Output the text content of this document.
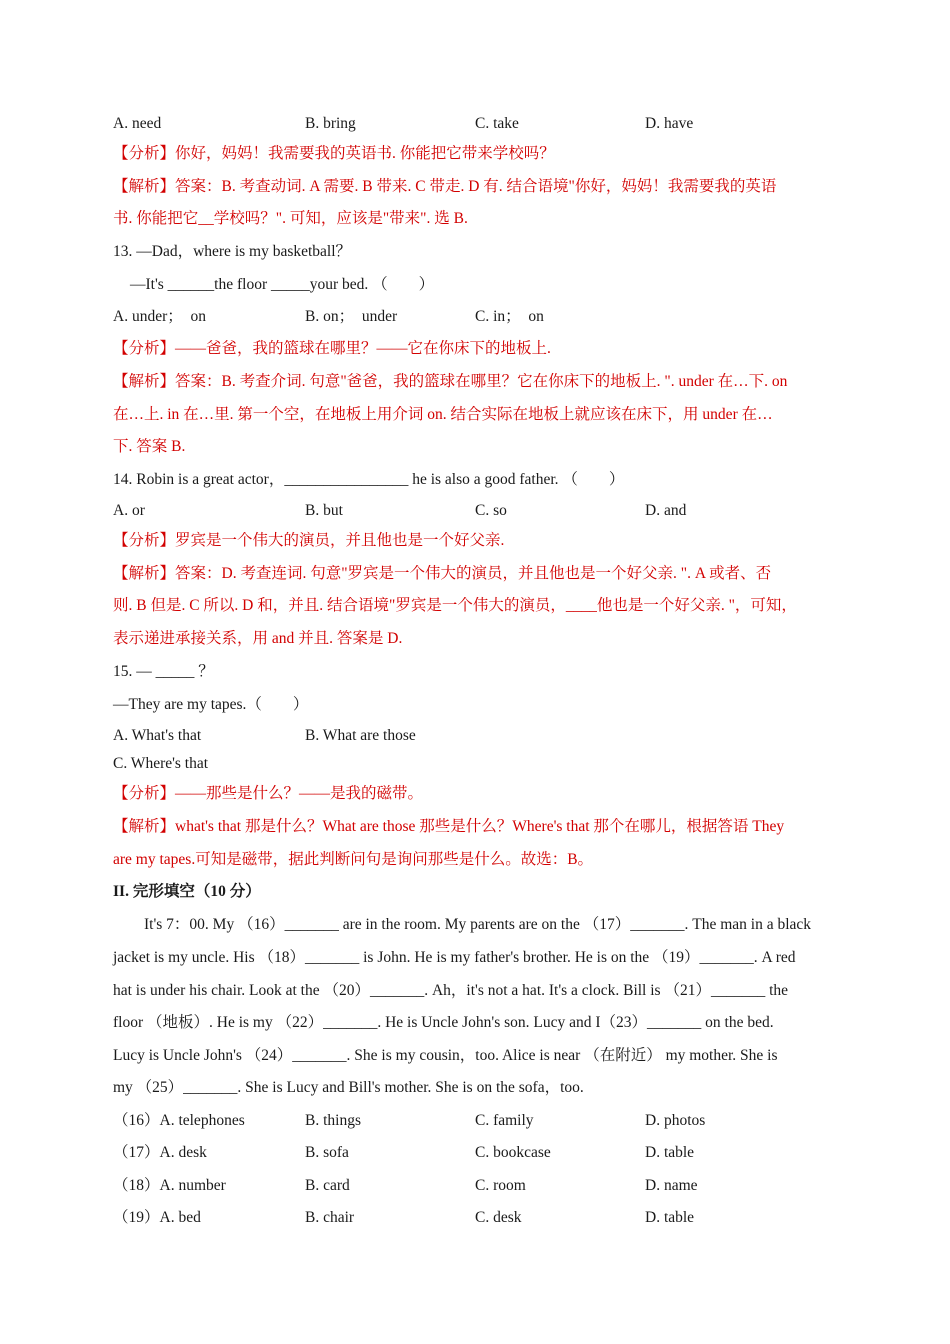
A. need	B. bring	C. take	D. have
【分析】你好，妈妈！我需要我的英语书. 你能把它带来学校吗？
【解析】答案：B. 考查动词. A 需要. B 带来. C 带走. D 有. 结合语境"你好，妈妈！我需要我的英语
书. 你能把它__学校吗？". 可知，应该是"带来". 选 B.
13. —Dad，where is my basketball？
—It's ______the floor _____your bed. （　　）
A. under；　on	B. on；　under	C. in；　on
【分析】——爸爸，我的篮球在哪里？——它在你床下的地板上.
【解析】答案：B. 考查介词. 句意"爸爸，我的篮球在哪里？它在你床下的地板上. ". under 在…下. on
在…上. in 在…里. 第一个空，在地板上用介词 on. 结合实际在地板上就应该在床下，用 under 在…
下. 答案 B.
14. Robin is a great actor，________________ he is also a good father. （　　）
A. or	B. but	C. so	D. and
【分析】罗宾是一个伟大的演员，并且他也是一个好父亲.
【解析】答案：D. 考查连词. 句意"罗宾是一个伟大的演员，并且他也是一个好父亲. ". A 或者、否
则. B 但是. C 所以. D 和，并且. 结合语境"罗宾是一个伟大的演员，____他也是一个好父亲. "，可知，
表示递进承接关系，用 and 并且. 答案是 D.
15. — _____ ？
—They are my tapes.（　　）
A. What's that	B. What are those
C. Where's that
【分析】——那些是什么？——是我的磁带。
【解析】what's that 那是什么？What are those 那些是什么？Where's that 那个在哪儿，根据答语 They
are my tapes.可知是磁带，据此判断问句是询问那些是什么。故选：B。
II. 完形填空（10 分）
　　It's 7：00. My （16）_______ are in the room. My parents are on the （17）_______. The man in a black
jacket is my uncle. His （18）_______ is John. He is my father's brother. He is on the （19）_______. A red
hat is under his chair. Look at the （20）_______. Ah，it's not a hat. It's a clock. Bill is （21）_______ the
floor （地板）. He is my （22）_______. He is Uncle John's son. Lucy and I（23）_______ on the bed.
Lucy is Uncle John's （24）_______. She is my cousin，too. Alice is near （在附近） my mother. She is
my （25）_______. She is Lucy and Bill's mother. She is on the sofa，too.
（16）A. telephones	B. things	C. family	D. photos
（17）A. desk	B. sofa	C. bookcase	D. table
（18）A. number	B. card	C. room	D. name
（19）A. bed	B. chair	C. desk	D. table
